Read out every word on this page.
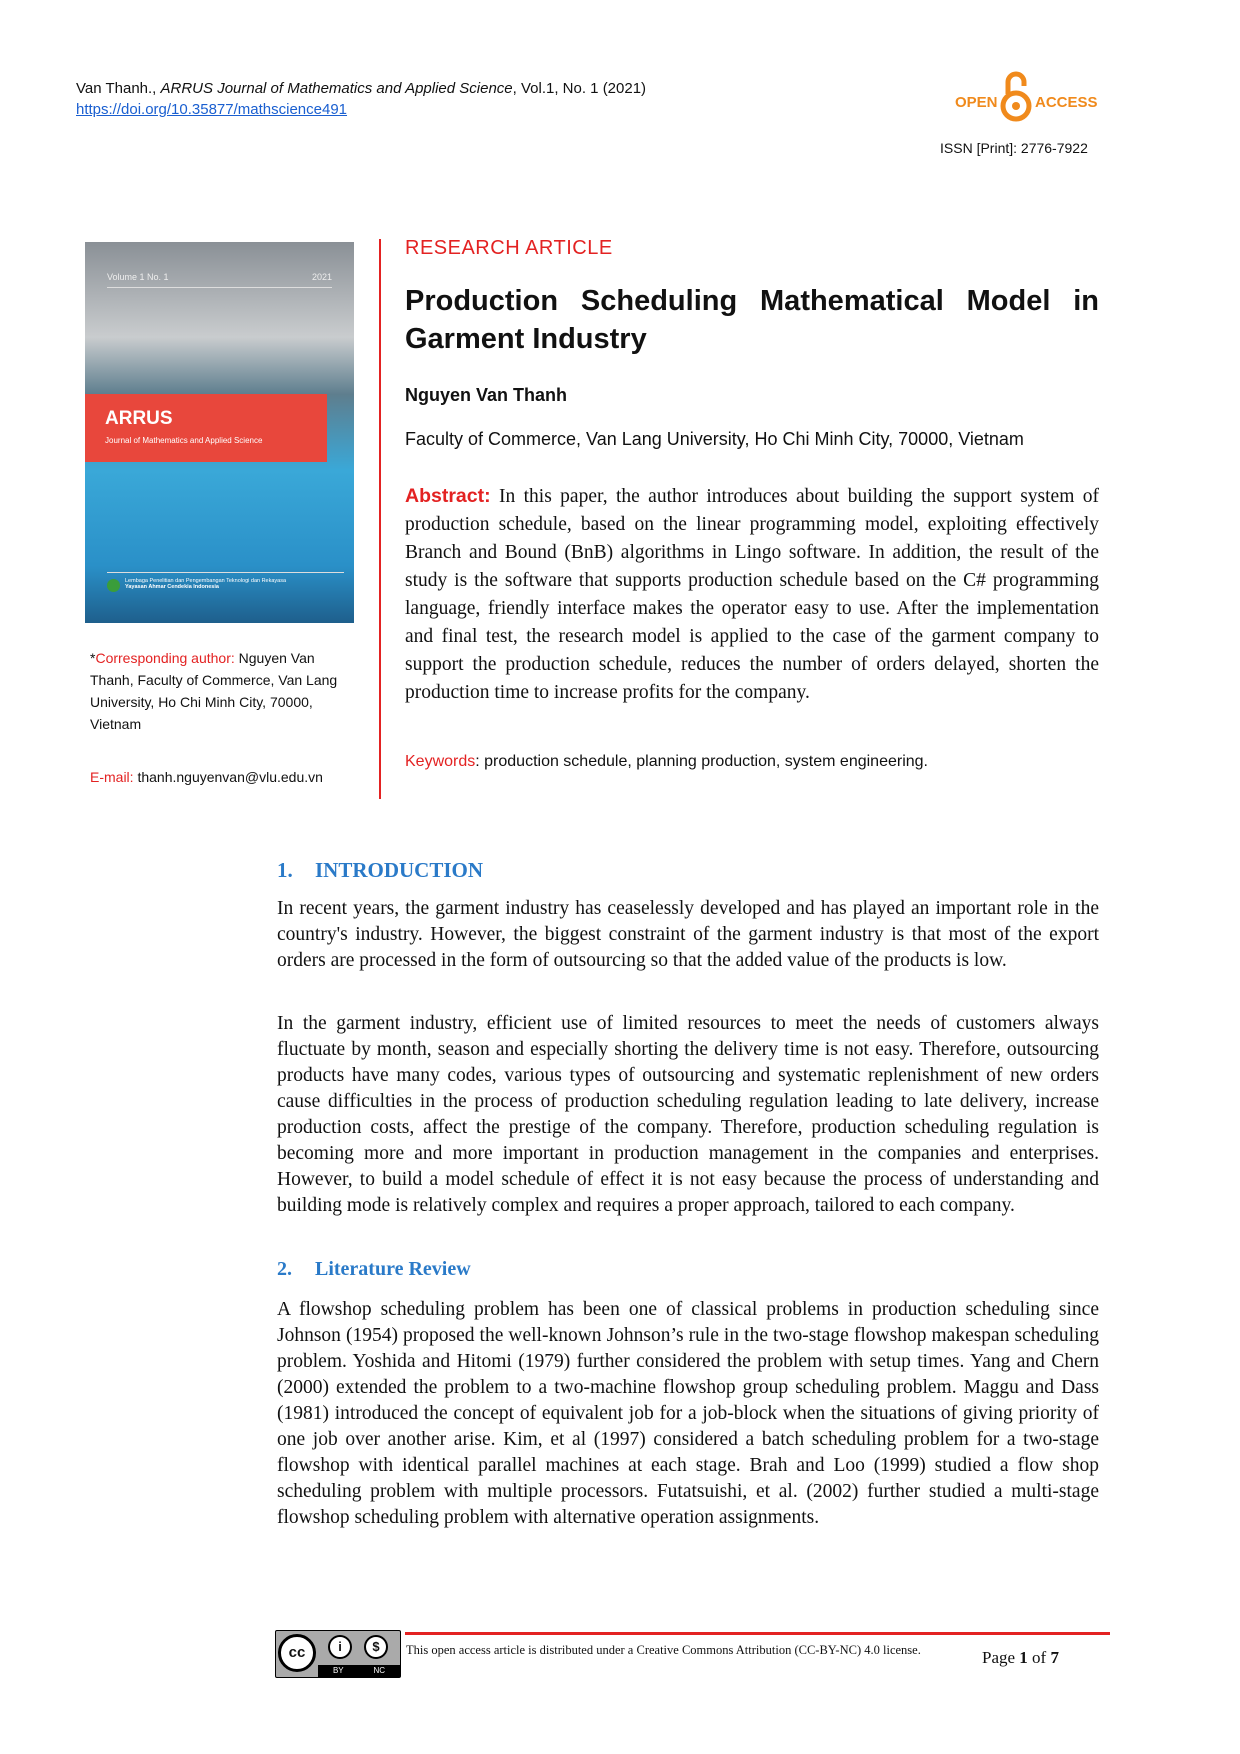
Van Thanh., ARRUS Journal of Mathematics and Applied Science, Vol.1, No. 1 (2021)
https://doi.org/10.35877/mathscience491	OPEN ACCESS
ISSN [Print]: 2776-7922
Volume 1 No. 1	2021
ARRUS
Journal of Mathematics and Applied Science
Lembaga Penelitian dan Pengembangan Teknologi dan Rekayasa
Yayasan Ahmar Cendekia Indonesia
*Corresponding author: Nguyen Van Thanh, Faculty of Commerce, Van Lang University, Ho Chi Minh City, 70000, Vietnam
E-mail: thanh.nguyenvan@vlu.edu.vn
RESEARCH ARTICLE
Production Scheduling Mathematical Model in Garment Industry
Nguyen Van Thanh
Faculty of Commerce, Van Lang University, Ho Chi Minh City, 70000, Vietnam
Abstract: In this paper, the author introduces about building the support system of production schedule, based on the linear programming model, exploiting effectively Branch and Bound (BnB) algorithms in Lingo software. In addition, the result of the study is the software that supports production schedule based on the C# programming language, friendly interface makes the operator easy to use. After the implementation and final test, the research model is applied to the case of the garment company to support the production schedule, reduces the number of orders delayed, shorten the production time to increase profits for the company.
Keywords: production schedule, planning production, system engineering.
1. INTRODUCTION
In recent years, the garment industry has ceaselessly developed and has played an important role in the country's industry. However, the biggest constraint of the garment industry is that most of the export orders are processed in the form of outsourcing so that the added value of the products is low.
In the garment industry, efficient use of limited resources to meet the needs of customers always fluctuate by month, season and especially shorting the delivery time is not easy. Therefore, outsourcing products have many codes, various types of outsourcing and systematic replenishment of new orders cause difficulties in the process of production scheduling regulation leading to late delivery, increase production costs, affect the prestige of the company. Therefore, production scheduling regulation is becoming more and more important in production management in the companies and enterprises. However, to build a model schedule of effect it is not easy because the process of understanding and building mode is relatively complex and requires a proper approach, tailored to each company.
2. Literature Review
A flowshop scheduling problem has been one of classical problems in production scheduling since Johnson (1954) proposed the well-known Johnson’s rule in the two-stage flowshop makespan scheduling problem. Yoshida and Hitomi (1979) further considered the problem with setup times. Yang and Chern (2000) extended the problem to a two-machine flowshop group scheduling problem. Maggu and Dass (1981) introduced the concept of equivalent job for a job-block when the situations of giving priority of one job over another arise. Kim, et al (1997) considered a batch scheduling problem for a two-stage flowshop with identical parallel machines at each stage. Brah and Loo (1999) studied a flow shop scheduling problem with multiple processors. Futatsuishi, et al. (2002) further studied a multi-stage flowshop scheduling problem with alternative operation assignments.
cc	i	$
BY	NC
This open access article is distributed under a Creative Commons Attribution (CC-BY-NC) 4.0 license.	Page 1 of 7
